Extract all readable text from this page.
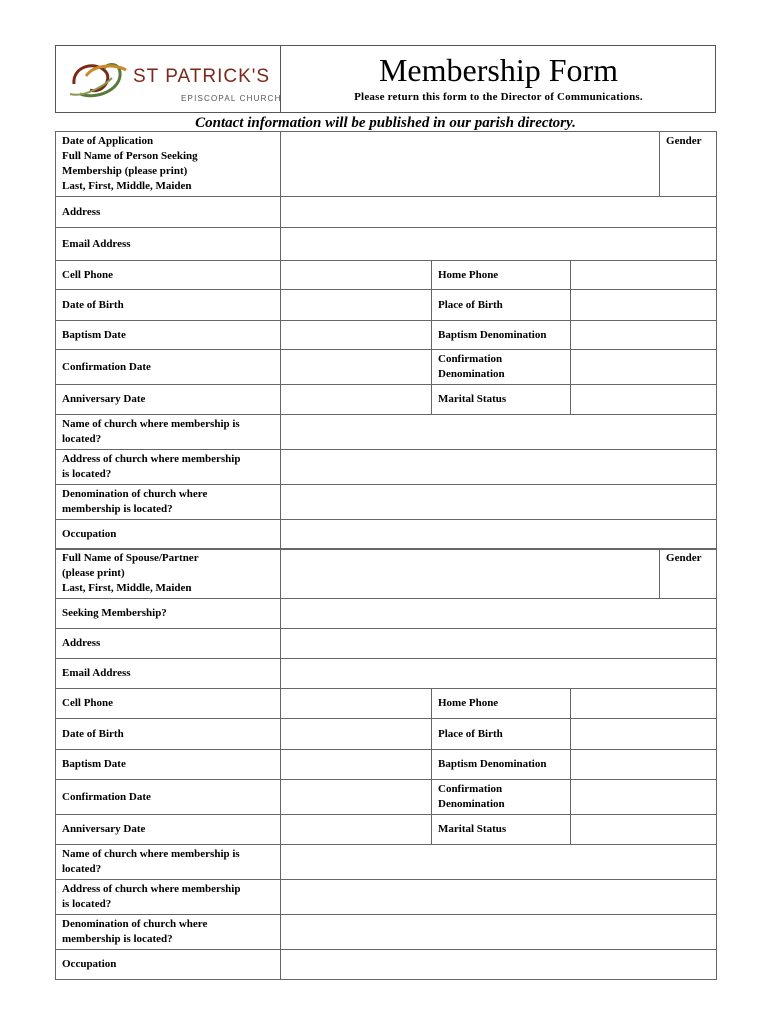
ST PATRICK'S
EPISCOPAL CHURCH
Membership Form
Please return this form to the Director of Communications.
Contact information will be published in our parish directory.
Date of Application
Full Name of Person Seeking
Membership (please print)
Last, First, Middle, Maiden				Gender
Address				
Email Address				
Cell Phone		Home Phone		
Date of Birth		Place of Birth		
Baptism Date		Baptism Denomination		
Confirmation Date		Confirmation
Denomination		

Anniversary Date		Marital Status		

Name of church where membership is
located?				

Address of church where membership
is located?				

Denomination of church where
membership is located?				

Occupation				
Full Name of Spouse/Partner
(please print)
Last, First, Middle, Maiden				Gender
Seeking Membership?				
Address				
Email Address				
Cell Phone		Home Phone		
Date of Birth		Place of Birth		
Baptism Date		Baptism Denomination		
Confirmation Date		Confirmation
Denomination		

Anniversary Date		Marital Status		

Name of church where membership is
located?				

Address of church where membership
is located?				

Denomination of church where
membership is located?				

Occupation				
